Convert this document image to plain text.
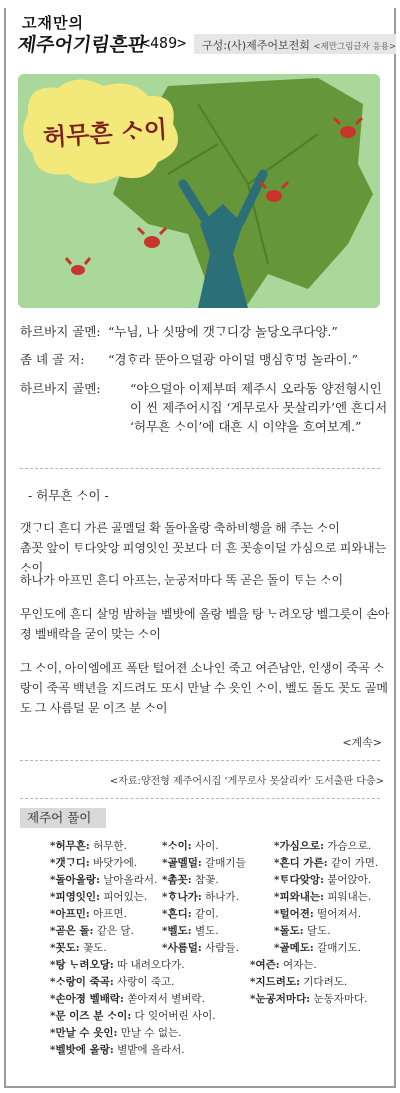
고재만의
제주어기림흔판
<489> 구성:(사)제주어보전회 <제만그림글자 응용>
허무흔 ᄉᆞ이
하르바지 골멘: “누님, 나 싯땅에 갯ᄀᆞ디강 놀당오쿠다양.”
좀 녜 골 저:	“경ᄒᆞ라 뚠아으덜광 아이덜 맹심ᄒᆞ멍 놀라이.”
하르바지 골멘:	“야으덜아 이제부떠 제주시 오라동 양전형시인이 씬 제주어시집 ‘게무로사 못살리카’엔 흔디서 ‘허무흔 ᄉᆞ이’에 대흔 시 이약을 흐여보계.”
- 허무흔 ᄉᆞ이 -
갯ᄀᆞ디 흔디 가른 골멜덜 확 돌아올랑 축하비행을 해 주는 ᄉᆞ이
촘꼿 앞이 ᄐᆞ다앚앙 피영잇인 꼿보다 더 흔 꼿송이덜 가심으로 피와내는 ᄉᆞ이
하나가 아프민 흔디 아프는, 눈공저마다 똑 곧은 돌이 ᄐᆞ는 ᄉᆞ이
무인도에 흔디 살멍 밤하늘 벨밧에 올랑 벨을 탕 ᄂᆞ려오당 벨그릇이 손아졍 벨배락을 굳이 맞는 ᄉᆞ이
그 ᄉᆞ이, 아이엠에프 폭탄 털어젼 소나인 죽고 여즌남안, 인생이 죽곡 ᄉᆞ랑이 죽곡 백년을 지드려도 또시 만날 수 읏인 ᄉᆞ이, 벨도 돌도 꼿도 골메도 그 사름덜 문 이즈 분 ᄉᆞ이
<계속>
<자료:양전형 제주어시집 ‘게무로사 못살리카’ 도서출판 다층>
제주어 풀이
*허무흔: 허무한.	*ᄉᆞ이: 사이.	*가심으로: 가슴으로.
*갯ᄀᆞ디: 바닷가에.	*골멜덜: 갈매기들	*흔디 가른: 같이 가면.
*돌아올랑: 날아올라서. *촘꼿: 참꽃.	*ᄐᆞ다앚앙: 붙어앉아.
*피영잇인: 피어있는.	*ᄒᆞ나가: 하나가.	*피와내는: 피워내는.
*아프민: 아프면.	*흔디: 같이.	*털어젼: 떨어져서.
*곧은 돌: 같은 달.	*벨도: 별도.	*돌도: 달도.
*꼿도: 꽃도.	*사름덜: 사람들.	*골메도: 갈매기도.
*탕 ᄂᆞ려오당: 따 내려오다가.	*여즌: 여자는.
*ᄉᆞ랑이 죽곡: 사랑이 죽고.	*지드려도: 기다려도.
*손아졍 벨배락: 쏟아져서 별벼락.	*눈공저마다: 눈동자마다.
*문 이즈 분 ᄉᆞ이: 다 잊어버린 사이.
*만날 수 읏인: 만날 수 없는.
*벨밧에 올랑: 별밭에 올라서.
